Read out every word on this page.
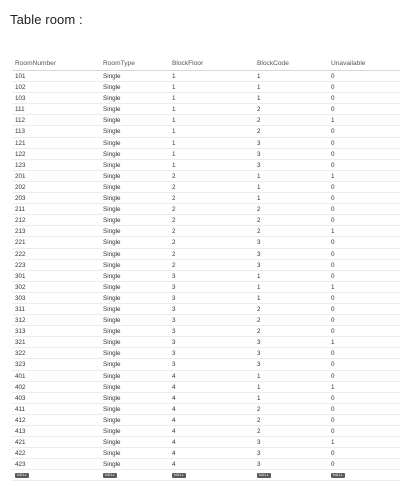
Table room :
RoomNumber	RoomType	BlockFloor	BlockCode	Unavailable
101	Single	1	1	0
102	Single	1	1	0
103	Single	1	1	0
111	Single	1	2	0
112	Single	1	2	1
113	Single	1	2	0
121	Single	1	3	0
122	Single	1	3	0
123	Single	1	3	0
201	Single	2	1	1
202	Single	2	1	0
203	Single	2	1	0
211	Single	2	2	0
212	Single	2	2	0
213	Single	2	2	1
221	Single	2	3	0
222	Single	2	3	0
223	Single	2	3	0
301	Single	3	1	0
302	Single	3	1	1
303	Single	3	1	0
311	Single	3	2	0
312	Single	3	2	0
313	Single	3	2	0
321	Single	3	3	1
322	Single	3	3	0
323	Single	3	3	0
401	Single	4	1	0
402	Single	4	1	1
403	Single	4	1	0
411	Single	4	2	0
412	Single	4	2	0
413	Single	4	2	0
421	Single	4	3	1
422	Single	4	3	0
423	Single	4	3	0
NULL	NULL	NULL	NULL	NULL
